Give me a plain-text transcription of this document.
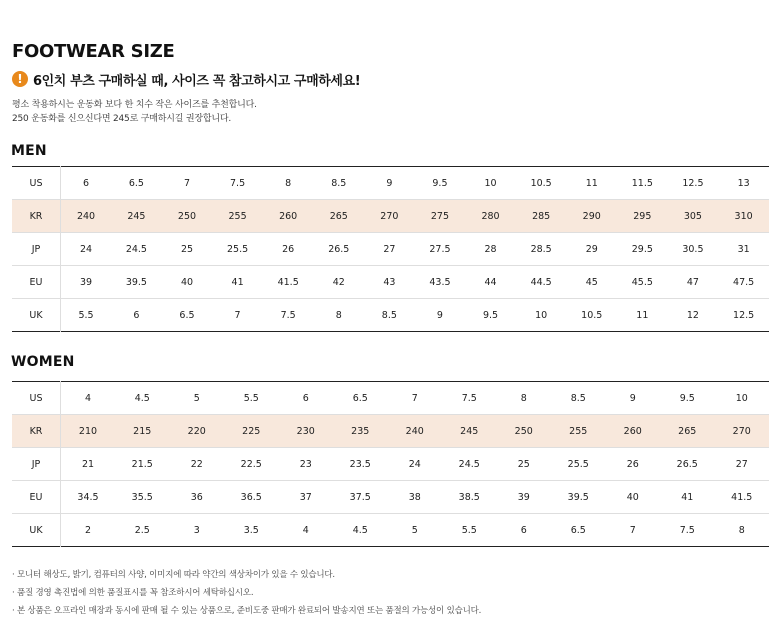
FOOTWEAR SIZE
! 6인치 부츠 구매하실 때, 사이즈 꼭 참고하시고 구매하세요!
평소 착용하시는 운동화 보다 한 치수 작은 사이즈를 추천합니다.
250 운동화를 신으신다면 245로 구매하시길 권장합니다.
MEN
US	6	6.5	7	7.5	8	8.5	9	9.5	10	10.5	11	11.5	12.5	13
KR	240	245	250	255	260	265	270	275	280	285	290	295	305	310
JP	24	24.5	25	25.5	26	26.5	27	27.5	28	28.5	29	29.5	30.5	31
EU	39	39.5	40	41	41.5	42	43	43.5	44	44.5	45	45.5	47	47.5
UK	5.5	6	6.5	7	7.5	8	8.5	9	9.5	10	10.5	11	12	12.5
WOMEN
US	4	4.5	5	5.5	6	6.5	7	7.5	8	8.5	9	9.5	10
KR	210	215	220	225	230	235	240	245	250	255	260	265	270
JP	21	21.5	22	22.5	23	23.5	24	24.5	25	25.5	26	26.5	27
EU	34.5	35.5	36	36.5	37	37.5	38	38.5	39	39.5	40	41	41.5
UK	2	2.5	3	3.5	4	4.5	5	5.5	6	6.5	7	7.5	8
· 모니터 해상도, 밝기, 컴퓨터의 사양, 이미지에 따라 약간의 색상차이가 있을 수 있습니다.
· 품질 경영 촉진법에 의한 품질표시를 꼭 참조하시어 세탁하십시오.
· 본 상품은 오프라인 매장과 동시에 판매 될 수 있는 상품으로, 준비도중 판매가 완료되어 발송지연 또는 품절의 가능성이 있습니다.
